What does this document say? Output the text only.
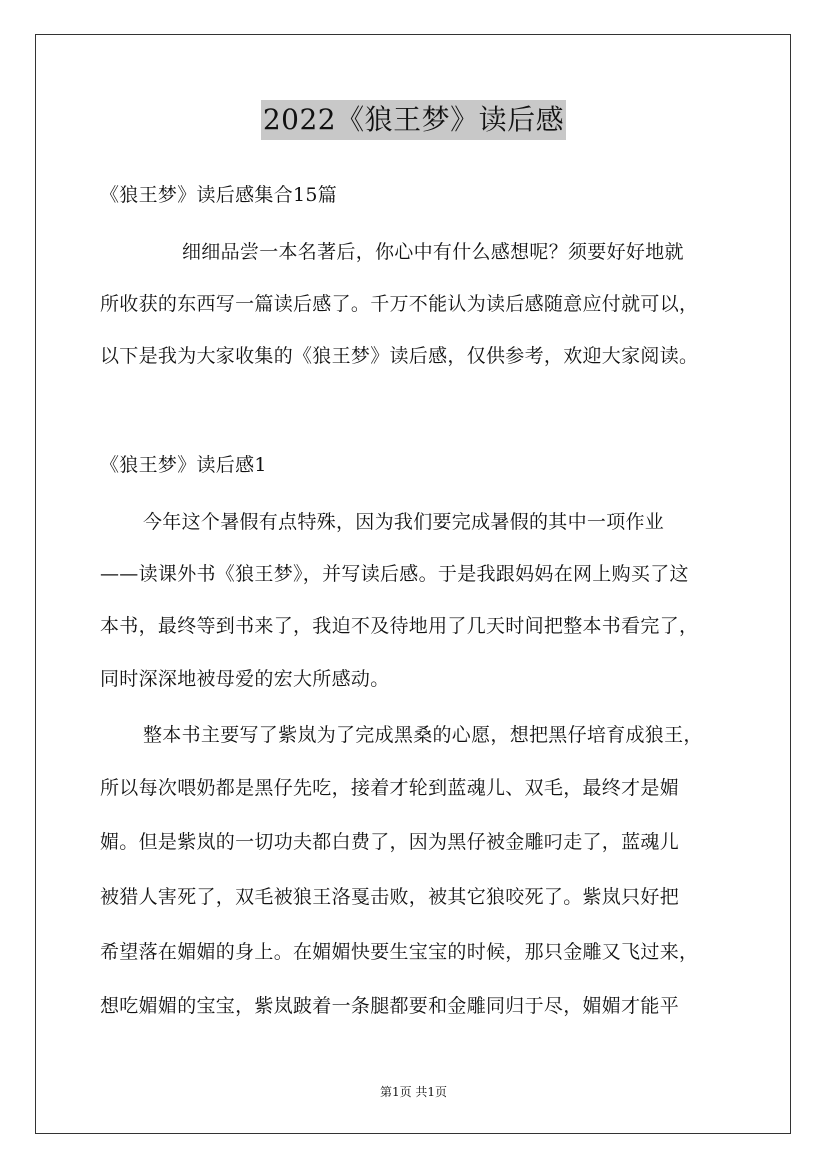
2022《狼王梦》读后感
《狼王梦》读后感集合15篇
细细品尝一本名著后，你心中有什么感想呢？须要好好地就
所收获的东西写一篇读后感了。千万不能认为读后感随意应付就可以，
以下是我为大家收集的《狼王梦》读后感，仅供参考，欢迎大家阅读。
《狼王梦》读后感1
今年这个暑假有点特殊，因为我们要完成暑假的其中一项作业
——读课外书《狼王梦》，并写读后感。于是我跟妈妈在网上购买了这
本书，最终等到书来了，我迫不及待地用了几天时间把整本书看完了，
同时深深地被母爱的宏大所感动。
整本书主要写了紫岚为了完成黑桑的心愿，想把黑仔培育成狼王，
所以每次喂奶都是黑仔先吃，接着才轮到蓝魂儿、双毛，最终才是媚
媚。但是紫岚的一切功夫都白费了，因为黑仔被金雕叼走了，蓝魂儿
被猎人害死了，双毛被狼王洛戛击败，被其它狼咬死了。紫岚只好把
希望落在媚媚的身上。在媚媚快要生宝宝的时候，那只金雕又飞过来，
想吃媚媚的宝宝，紫岚跛着一条腿都要和金雕同归于尽，媚媚才能平
第1页 共1页
